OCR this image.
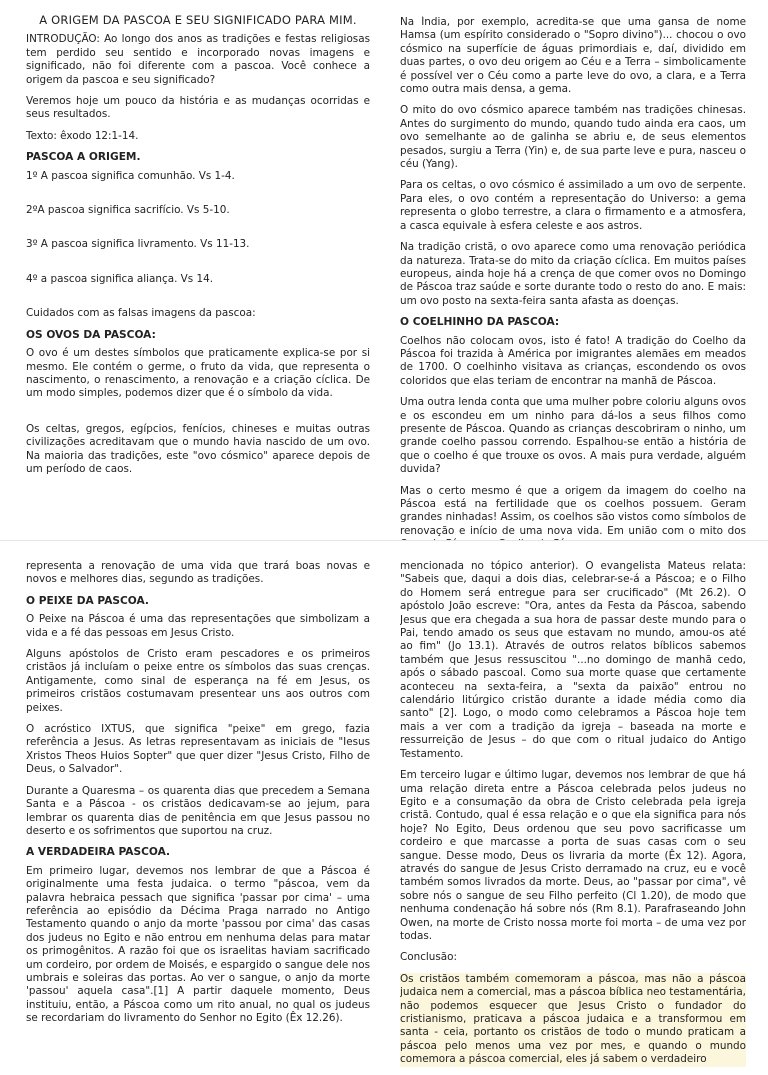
A ORIGEM DA PASCOA E SEU SIGNIFICADO PARA MIM.

INTRODUÇÃO: Ao longo dos anos as tradições e festas religiosas tem perdido seu sentido e incorporado novas imagens e significado, não foi diferente com a pascoa. Você conhece a origem da pascoa e seu significado?

Veremos hoje um pouco da história e as mudanças ocorridas e seus resultados.

Texto: êxodo 12:1-14.

PASCOA A ORIGEM.

1º A pascoa significa comunhão. Vs 1-4.

2ºA pascoa significa sacrifício. Vs 5-10.

3º A pascoa significa livramento. Vs 11-13.

4º a pascoa significa aliança. Vs 14.

Cuidados com as falsas imagens da pascoa:

OS OVOS DA PASCOA:

O ovo é um destes símbolos que praticamente explica-se por si mesmo. Ele contém o germe, o fruto da vida, que representa o nascimento, o renascimento, a renovação e a criação cíclica. De um modo simples, podemos dizer que é o símbolo da vida.

Os celtas, gregos, egípcios, fenícios, chineses e muitas outras civilizações acreditavam que o mundo havia nascido de um ovo. Na maioria das tradições, este "ovo cósmico" aparece depois de um período de caos.

Na Índia, por exemplo, acredita-se que uma gansa de nome Hamsa (um espírito considerado o "Sopro divino")... chocou o ovo cósmico na superfície de águas primordiais e, daí, dividido em duas partes, o ovo deu origem ao Céu e a Terra – simbolicamente é possível ver o Céu como a parte leve do ovo, a clara, e a Terra como outra mais densa, a gema.

O mito do ovo cósmico aparece também nas tradições chinesas. Antes do surgimento do mundo, quando tudo ainda era caos, um ovo semelhante ao de galinha se abriu e, de seus elementos pesados, surgiu a Terra (Yin) e, de sua parte leve e pura, nasceu o céu (Yang).

Para os celtas, o ovo cósmico é assimilado a um ovo de serpente. Para eles, o ovo contém a representação do Universo: a gema representa o globo terrestre, a clara o firmamento e a atmosfera, a casca equivale à esfera celeste e aos astros.

Na tradição cristã, o ovo aparece como uma renovação periódica da natureza. Trata-se do mito da criação cíclica. Em muitos países europeus, ainda hoje há a crença de que comer ovos no Domingo de Páscoa traz saúde e sorte durante todo o resto do ano. E mais: um ovo posto na sexta-feira santa afasta as doenças.

O COELHINHO DA PASCOA:

Coelhos não colocam ovos, isto é fato! A tradição do Coelho da Páscoa foi trazida à América por imigrantes alemães em meados de 1700. O coelhinho visitava as crianças, escondendo os ovos coloridos que elas teriam de encontrar na manhã de Páscoa.

Uma outra lenda conta que uma mulher pobre coloriu alguns ovos e os escondeu em um ninho para dá-los a seus filhos como presente de Páscoa. Quando as crianças descobriram o ninho, um grande coelho passou correndo. Espalhou-se então a história de que o coelho é que trouxe os ovos. A mais pura verdade, alguém duvida?

Mas o certo mesmo é que a origem da imagem do coelho na Páscoa está na fertilidade que os coelhos possuem. Geram grandes ninhadas! Assim, os coelhos são vistos como símbolos de renovação e início de uma nova vida. Em união com o mito dos

representa a renovação de uma vida que trará boas novas e novos e melhores dias, segundo as tradições.

O PEIXE DA PASCOA.

O Peixe na Páscoa é uma das representações que simbolizam a vida e a fé das pessoas em Jesus Cristo.

Alguns apóstolos de Cristo eram pescadores e os primeiros cristãos já incluíam o peixe entre os símbolos das suas crenças. Antigamente, como sinal de esperança na fé em Jesus, os primeiros cristãos costumavam presentear uns aos outros com peixes.

O acróstico IXTUS, que significa "peixe" em grego, fazia referência a Jesus. As letras representavam as iniciais de "Iesus Xristos Theos Huios Sopter" que quer dizer "Jesus Cristo, Filho de Deus, o Salvador".

Durante a Quaresma – os quarenta dias que precedem a Semana Santa e a Páscoa - os cristãos dedicavam-se ao jejum, para lembrar os quarenta dias de penitência em que Jesus passou no deserto e os sofrimentos que suportou na cruz.

A VERDADEIRA PASCOA.

Em primeiro lugar, devemos nos lembrar de que a Páscoa é originalmente uma festa judaica. o termo "páscoa, vem da palavra hebraica pessach que significa 'passar por cima' – uma referência ao episódio da Décima Praga narrado no Antigo Testamento quando o anjo da morte 'passou por cima' das casas dos judeus no Egito e não entrou em nenhuma delas para matar os primogênitos. A razão foi que os israelitas haviam sacrificado um cordeiro, por ordem de Moisés, e espargido o sangue dele nos umbrais e soleiras das portas. Ao ver o sangue, o anjo da morte 'passou' aquela casa".[1] A partir daquele momento, Deus instituiu, então, a Páscoa como um rito anual, no qual os judeus se recordariam do livramento do Senhor no Egito (Êx 12.26).

mencionada no tópico anterior). O evangelista Mateus relata: "Sabeis que, daqui a dois dias, celebrar-se-á a Páscoa; e o Filho do Homem será entregue para ser crucificado" (Mt 26.2). O apóstolo João escreve: "Ora, antes da Festa da Páscoa, sabendo Jesus que era chegada a sua hora de passar deste mundo para o Pai, tendo amado os seus que estavam no mundo, amou-os até ao fim" (Jo 13.1). Através de outros relatos bíblicos sabemos também que Jesus ressuscitou "...no domingo de manhã cedo, após o sábado pascoal. Como sua morte quase que certamente aconteceu na sexta-feira, a "sexta da paixão" entrou no calendário litúrgico cristão durante a idade média como dia santo" [2]. Logo, o modo como celebramos a Páscoa hoje tem mais a ver com a tradição da igreja – baseada na morte e ressurreição de Jesus – do que com o ritual judaico do Antigo Testamento.

Em terceiro lugar e último lugar, devemos nos lembrar de que há uma relação direta entre a Páscoa celebrada pelos judeus no Egito e a consumação da obra de Cristo celebrada pela igreja cristã. Contudo, qual é essa relação e o que ela significa para nós hoje? No Egito, Deus ordenou que seu povo sacrificasse um cordeiro e que marcasse a porta de suas casas com o seu sangue. Desse modo, Deus os livraria da morte (Êx 12). Agora, através do sangue de Jesus Cristo derramado na cruz, eu e você também somos livrados da morte. Deus, ao "passar por cima", vê sobre nós o sangue de seu Filho perfeito (Cl 1.20), de modo que nenhuma condenação há sobre nós (Rm 8.1). Parafraseando John Owen, na morte de Cristo nossa morte foi morta – de uma vez por todas.

Conclusão:

Os cristãos também comemoram a páscoa, mas não a páscoa judaica nem a comercial, mas a páscoa bíblica neo testamentária, não podemos esquecer que Jesus Cristo o fundador do cristianismo, praticava a páscoa judaica e a transformou em santa - ceia, portanto os cristãos de todo o mundo praticam a páscoa pelo menos uma vez por mes, e quando o mundo comemora a páscoa comercial, eles já sabem o verdadeiro
